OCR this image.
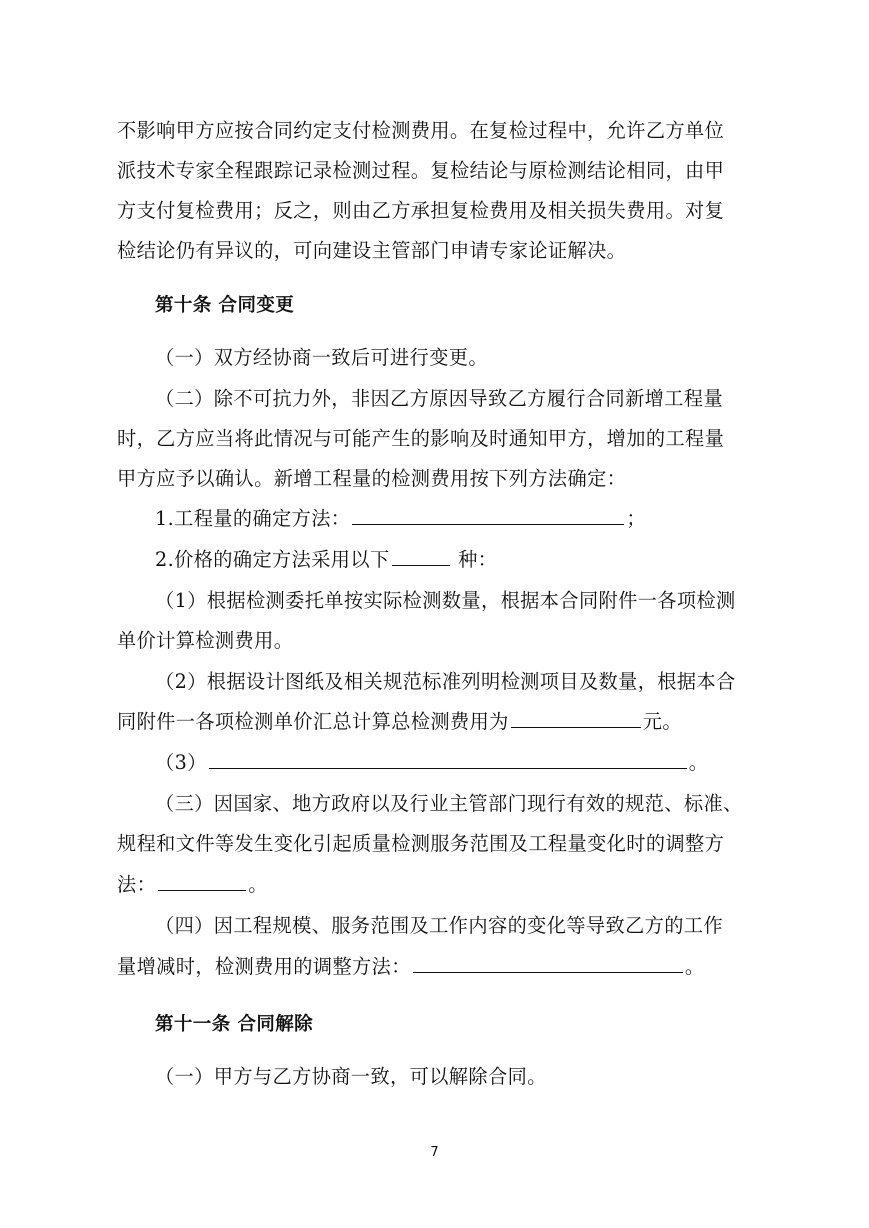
不影响甲方应按合同约定支付检测费用。在复检过程中，允许乙方单位
派技术专家全程跟踪记录检测过程。复检结论与原检测结论相同，由甲
方支付复检费用；反之，则由乙方承担复检费用及相关损失费用。对复
检结论仍有异议的，可向建设主管部门申请专家论证解决。
第十条 合同变更
（一）双方经协商一致后可进行变更。
（二）除不可抗力外，非因乙方原因导致乙方履行合同新增工程量
时，乙方应当将此情况与可能产生的影响及时通知甲方，增加的工程量
甲方应予以确认。新增工程量的检测费用按下列方法确定：
1.工程量的确定方法：	；
2.价格的确定方法采用以下	种：
（1）根据检测委托单按实际检测数量，根据本合同附件一各项检测
单价计算检测费用。
（2）根据设计图纸及相关规范标准列明检测项目及数量，根据本合
同附件一各项检测单价汇总计算总检测费用为	元。
（3）	。
（三）因国家、地方政府以及行业主管部门现行有效的规范、标准、
规程和文件等发生变化引起质量检测服务范围及工程量变化时的调整方
法：	。
（四）因工程规模、服务范围及工作内容的变化等导致乙方的工作
量增减时，检测费用的调整方法：	。
第十一条 合同解除
（一）甲方与乙方协商一致，可以解除合同。
7
